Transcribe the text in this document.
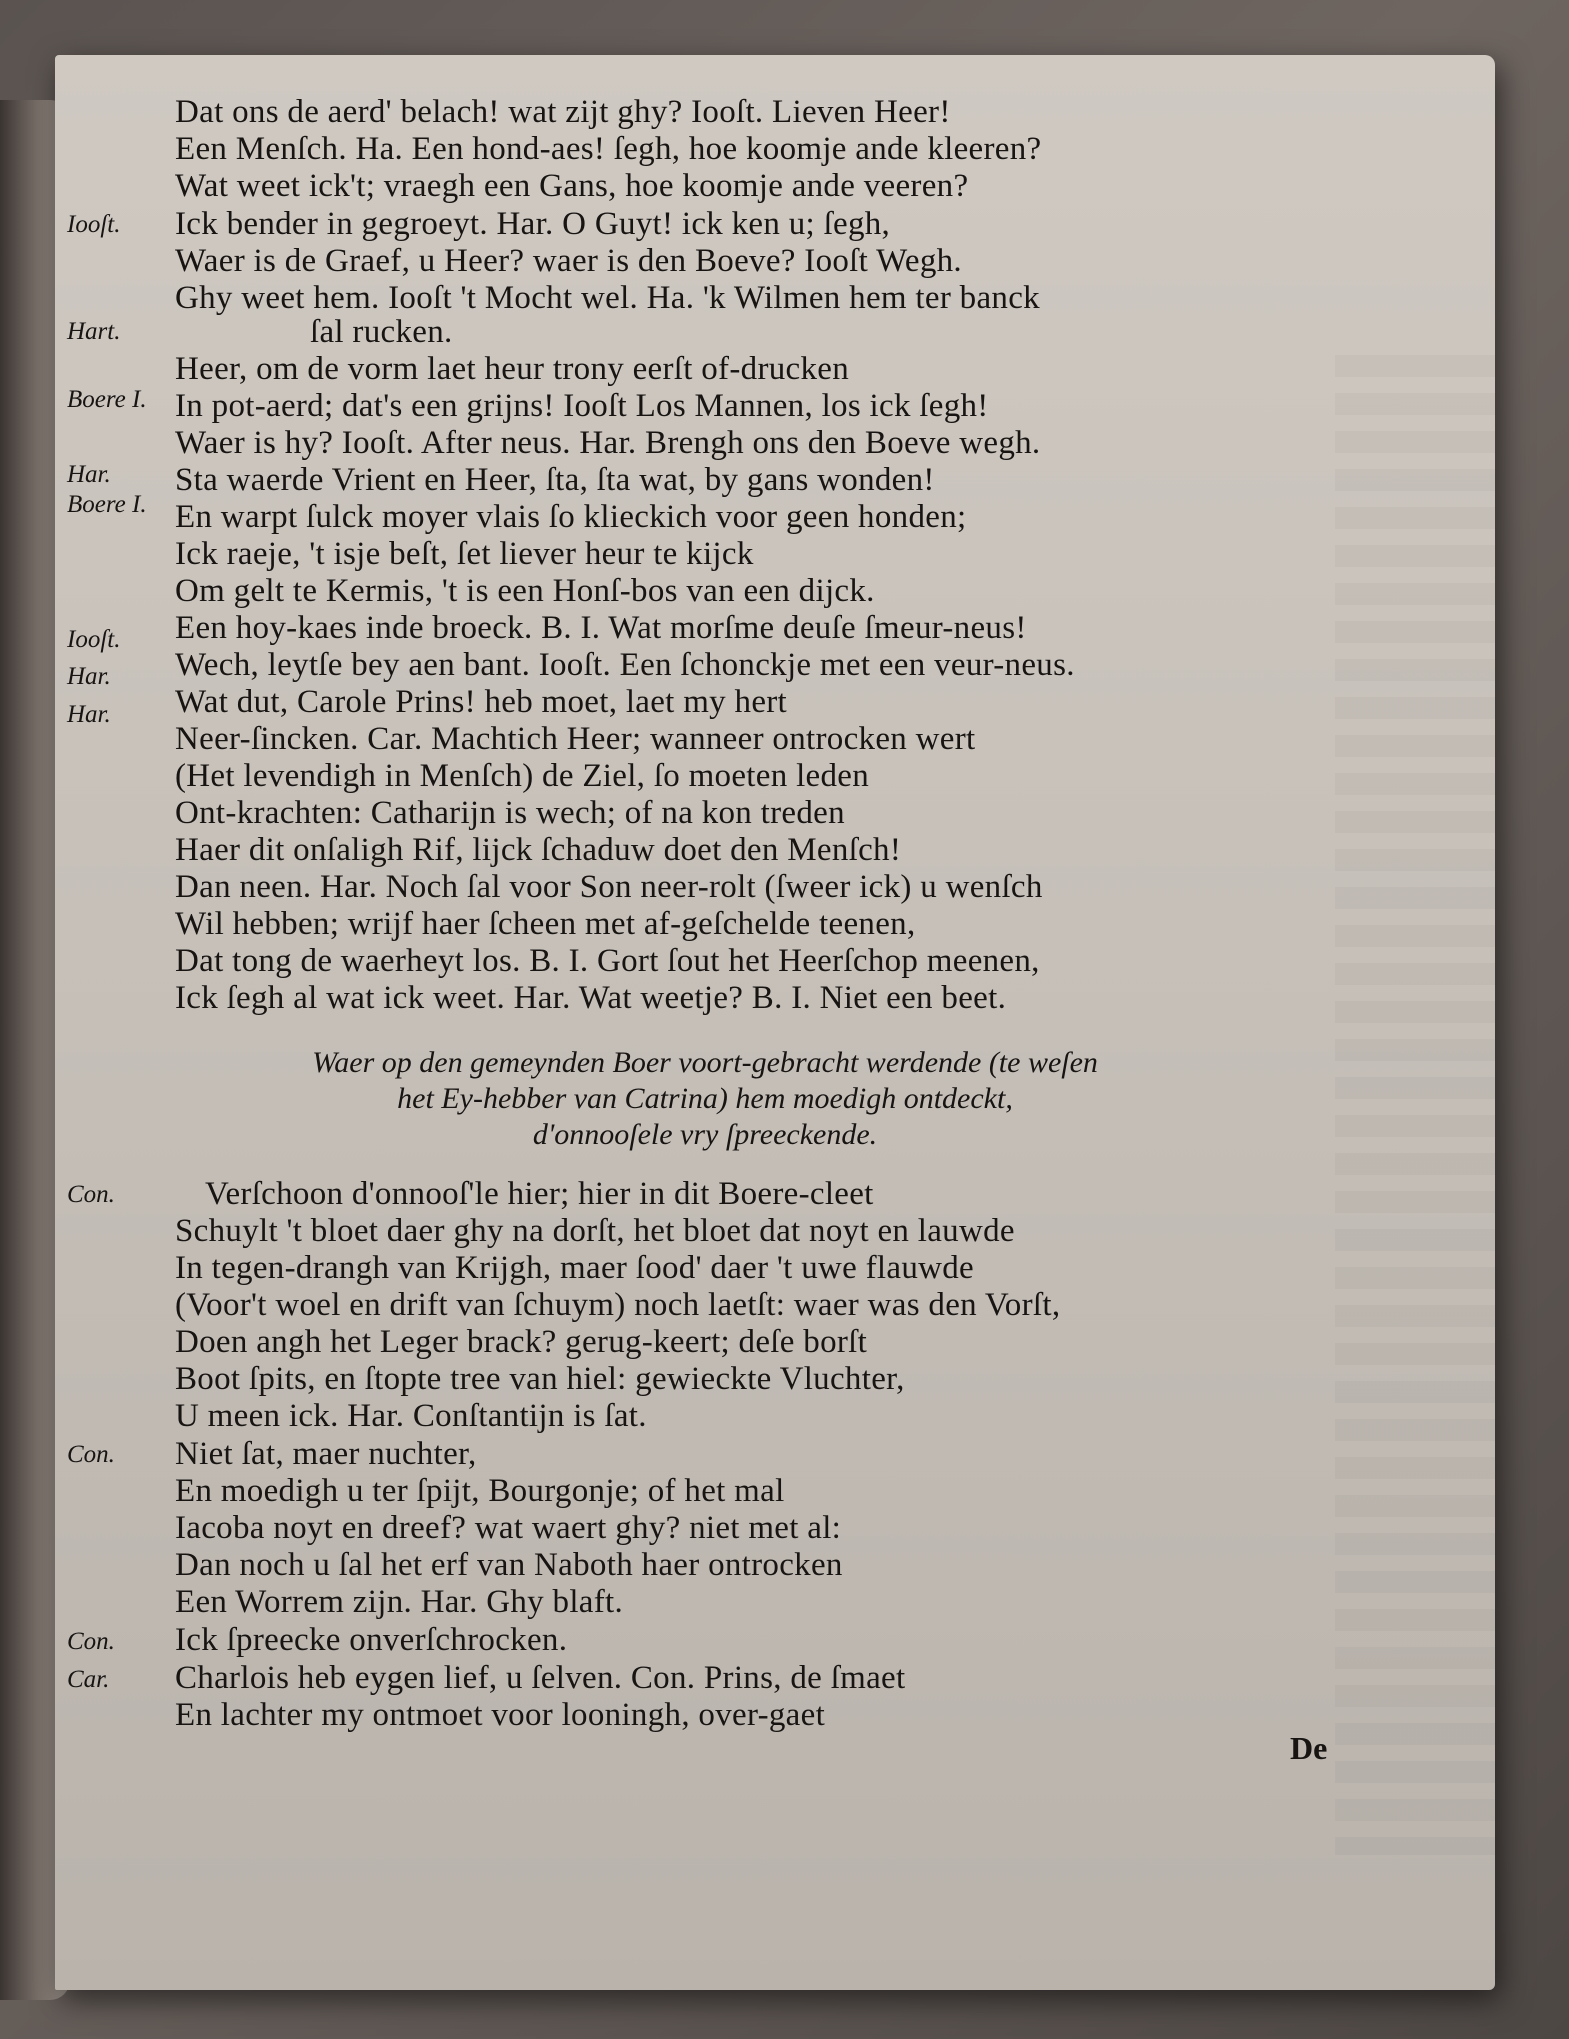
Iooſt.
Hart.
Boere I.
Har.
Boere I.
Iooſt.
Har.
Har.
Dat ons de aerd' belach! wat zijt ghy? Iooſt. Lieven Heer!
Een Menſch. Ha. Een hond-aes! ſegh, hoe koomje ande kleeren?
Wat weet ick't; vraegh een Gans, hoe koomje ande veeren?
Ick bender in gegroeyt. Har. O Guyt! ick ken u; ſegh,
Waer is de Graef, u Heer? waer is den Boeve? Iooſt Wegh.
Ghy weet hem. Iooſt 't Mocht wel. Ha. 'k Wilmen hem ter banck
ſal rucken.
Heer, om de vorm laet heur trony eerſt of-drucken
In pot-aerd; dat's een grijns! Iooſt Los Mannen, los ick ſegh!
Waer is hy? Iooſt. After neus. Har. Brengh ons den Boeve wegh.
Sta waerde Vrient en Heer, ſta, ſta wat, by gans wonden!
En warpt ſulck moyer vlais ſo klieckich voor geen honden;
Ick raeje, 't isje beſt, ſet liever heur te kijck
Om gelt te Kermis, 't is een Honſ-bos van een dijck.
Een hoy-kaes inde broeck. B. I. Wat morſme deuſe ſmeur-neus!
Wech, leytſe bey aen bant. Iooſt. Een ſchonckje met een veur-neus.
Wat dut, Carole Prins! heb moet, laet my hert
Neer-ſincken. Car. Machtich Heer; wanneer ontrocken wert
(Het levendigh in Menſch) de Ziel, ſo moeten leden
Ont-krachten: Catharijn is wech; of na kon treden
Haer dit onſaligh Rif, lijck ſchaduw doet den Menſch!
Dan neen. Har. Noch ſal voor Son neer-rolt (ſweer ick) u wenſch
Wil hebben; wrijf haer ſcheen met af-geſchelde teenen,
Dat tong de waerheyt los. B. I. Gort ſout het Heerſchop meenen,
Ick ſegh al wat ick weet. Har. Wat weetje? B. I. Niet een beet.
Waer op den gemeynden Boer voort-gebracht werdende (te weſen
het Ey-hebber van Catrina) hem moedigh ontdeckt,
d'onnooſele vry ſpreeckende.
Con.
Con.
Con.
Car.
Verſchoon d'onnooſ'le hier; hier in dit Boere-cleet
Schuylt 't bloet daer ghy na dorſt, het bloet dat noyt en lauwde
In tegen-drangh van Krijgh, maer ſood' daer 't uwe flauwde
(Voor't woel en drift van ſchuym) noch laetſt: waer was den Vorſt,
Doen angh het Leger brack? gerug-keert; deſe borſt
Boot ſpits, en ſtopte tree van hiel: gewieckte Vluchter,
U meen ick. Har. Conſtantijn is ſat.
Niet ſat, maer nuchter,
En moedigh u ter ſpijt, Bourgonje; of het mal
Iacoba noyt en dreef? wat waert ghy? niet met al:
Dan noch u ſal het erf van Naboth haer ontrocken
Een Worrem zijn. Har. Ghy blaft.
Ick ſpreecke onverſchrocken.
Charlois heb eygen lief, u ſelven. Con. Prins, de ſmaet
En lachter my ontmoet voor looningh, over-gaet
De
